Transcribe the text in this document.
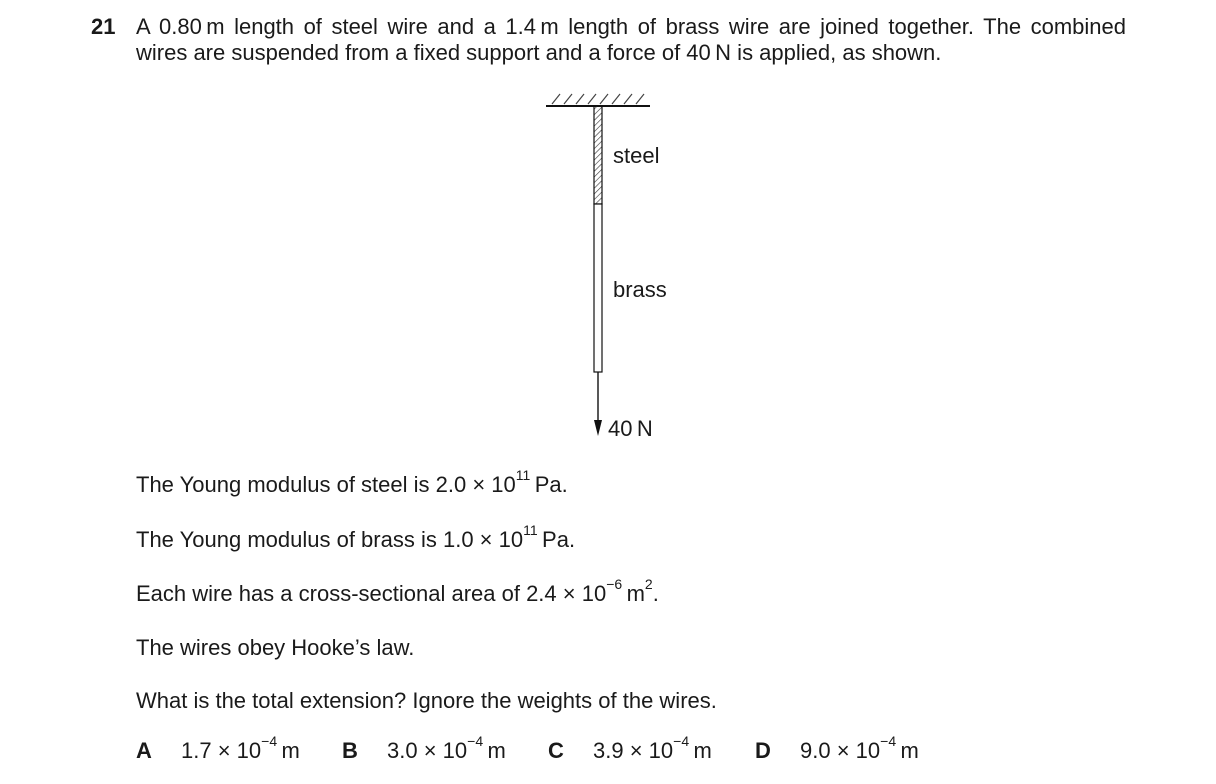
21 A 0.80 m length of steel wire and a 1.4 m length of brass wire are joined together. The combined
wires are suspended from a fixed support and a force of 40 N is applied, as shown.
steel
brass
40 N
The Young modulus of steel is $2.0 \times 10^{11}$ Pa.
The Young modulus of brass is $1.0 \times 10^{11}$ Pa.
Each wire has a cross-sectional area of $2.4 \times 10^{-6}$ $m^2$.
The wires obey Hooke’s law.
What is the total extension? Ignore the weights of the wires.
A $1.7 \times 10^{-4}$ m B $3.0 \times 10^{-4}$ m C $3.9 \times 10^{-4}$ m D $9.0 \times 10^{-4}$ m
